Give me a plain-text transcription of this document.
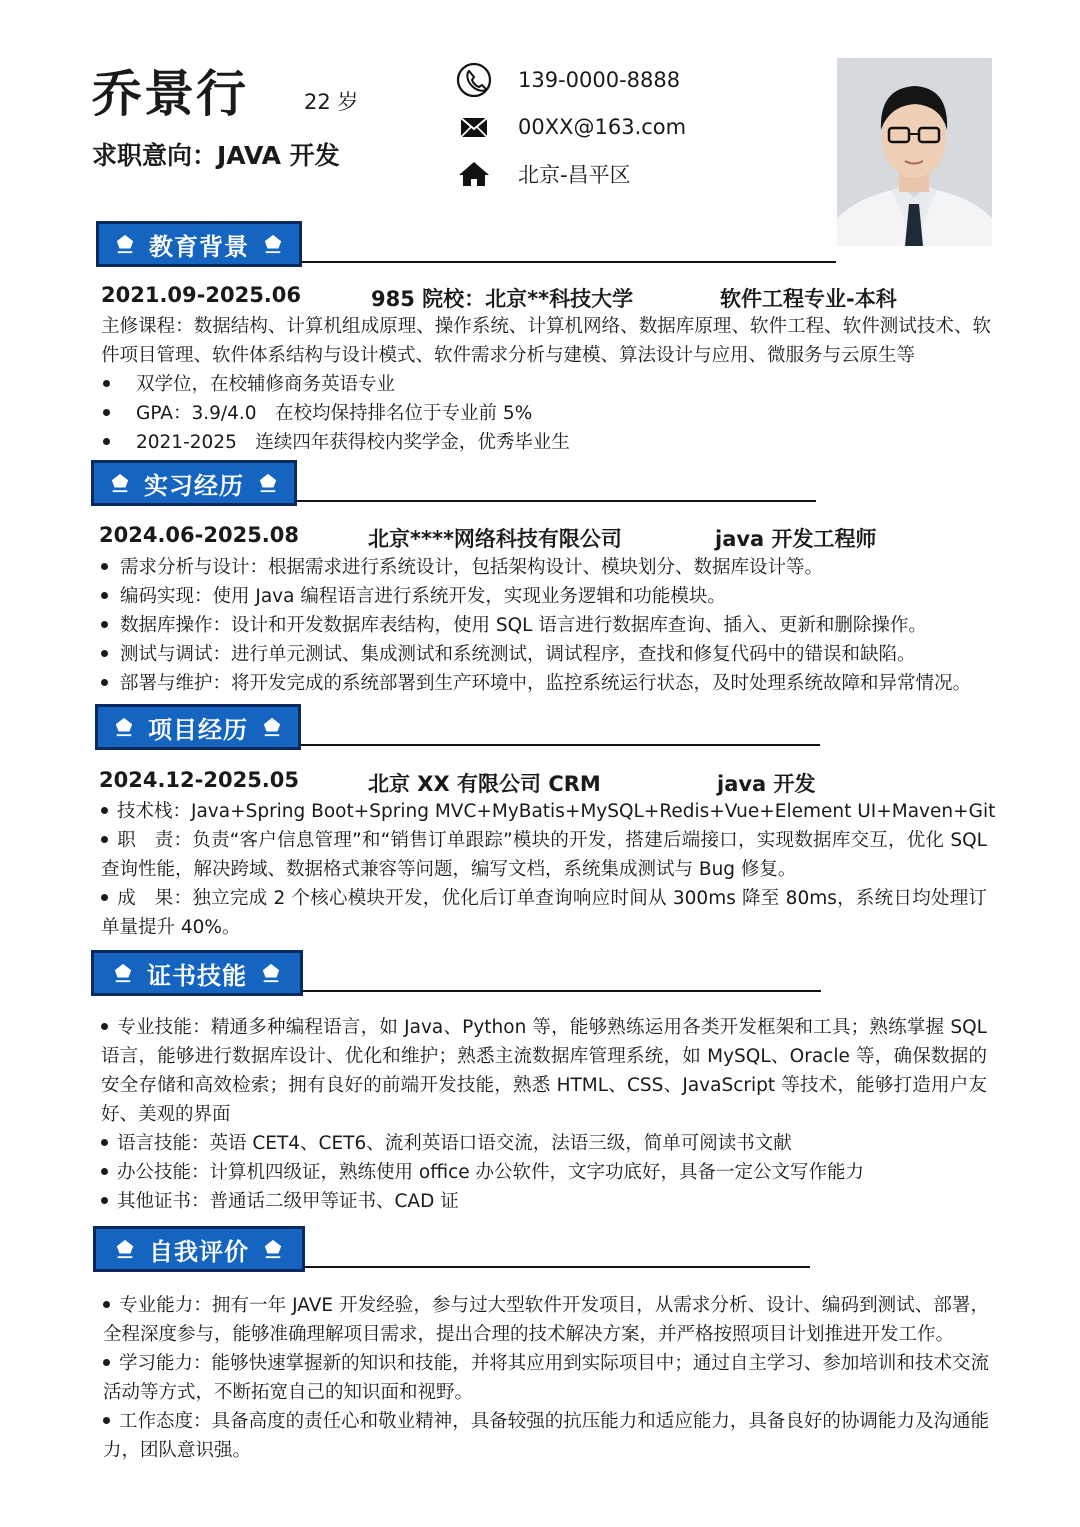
乔景行	22 岁
求职意向：JAVA 开发
139-0000-8888
00XX@163.com
北京-昌平区
教育背景
2021.09-2025.06	985 院校：北京**科技大学	软件工程专业-本科
主修课程：数据结构、计算机组成原理、操作系统、计算机网络、数据库原理、软件工程、软件测试技术、软件项目管理、软件体系结构与设计模式、软件需求分析与建模、算法设计与应用、微服务与云原生等
双学位，在校辅修商务英语专业
GPA：3.9/4.0　在校均保持排名位于专业前 5%
2021-2025　连续四年获得校内奖学金，优秀毕业生
实习经历
2024.06-2025.08	北京****网络科技有限公司	java 开发工程师
需求分析与设计：根据需求进行系统设计，包括架构设计、模块划分、数据库设计等。
编码实现：使用 Java 编程语言进行系统开发，实现业务逻辑和功能模块。
数据库操作：设计和开发数据库表结构，使用 SQL 语言进行数据库查询、插入、更新和删除操作。
测试与调试：进行单元测试、集成测试和系统测试，调试程序，查找和修复代码中的错误和缺陷。
部署与维护：将开发完成的系统部署到生产环境中，监控系统运行状态，及时处理系统故障和异常情况。
项目经历
2024.12-2025.05	北京 XX 有限公司 CRM	java 开发
技术栈：Java+Spring Boot+Spring MVC+MyBatis+MySQL+Redis+Vue+Element UI+Maven+Git
职　责：负责“客户信息管理”和“销售订单跟踪”模块的开发，搭建后端接口，实现数据库交互，优化 SQL 查询性能，解决跨域、数据格式兼容等问题，编写文档，系统集成测试与 Bug 修复。
成　果：独立完成 2 个核心模块开发，优化后订单查询响应时间从 300ms 降至 80ms，系统日均处理订单量提升 40%。
证书技能
专业技能：精通多种编程语言，如 Java、Python 等，能够熟练运用各类开发框架和工具；熟练掌握 SQL 语言，能够进行数据库设计、优化和维护；熟悉主流数据库管理系统，如 MySQL、Oracle 等，确保数据的安全存储和高效检索；拥有良好的前端开发技能，熟悉 HTML、CSS、JavaScript 等技术，能够打造用户友好、美观的界面
语言技能：英语 CET4、CET6、流利英语口语交流，法语三级，简单可阅读书文献
办公技能：计算机四级证，熟练使用 office 办公软件，文字功底好，具备一定公文写作能力
其他证书：普通话二级甲等证书、CAD 证
自我评价
专业能力：拥有一年 JAVE 开发经验，参与过大型软件开发项目，从需求分析、设计、编码到测试、部署，全程深度参与，能够准确理解项目需求，提出合理的技术解决方案，并严格按照项目计划推进开发工作。
学习能力：能够快速掌握新的知识和技能，并将其应用到实际项目中；通过自主学习、参加培训和技术交流活动等方式，不断拓宽自己的知识面和视野。
工作态度：具备高度的责任心和敬业精神，具备较强的抗压能力和适应能力，具备良好的协调能力及沟通能力，团队意识强。
